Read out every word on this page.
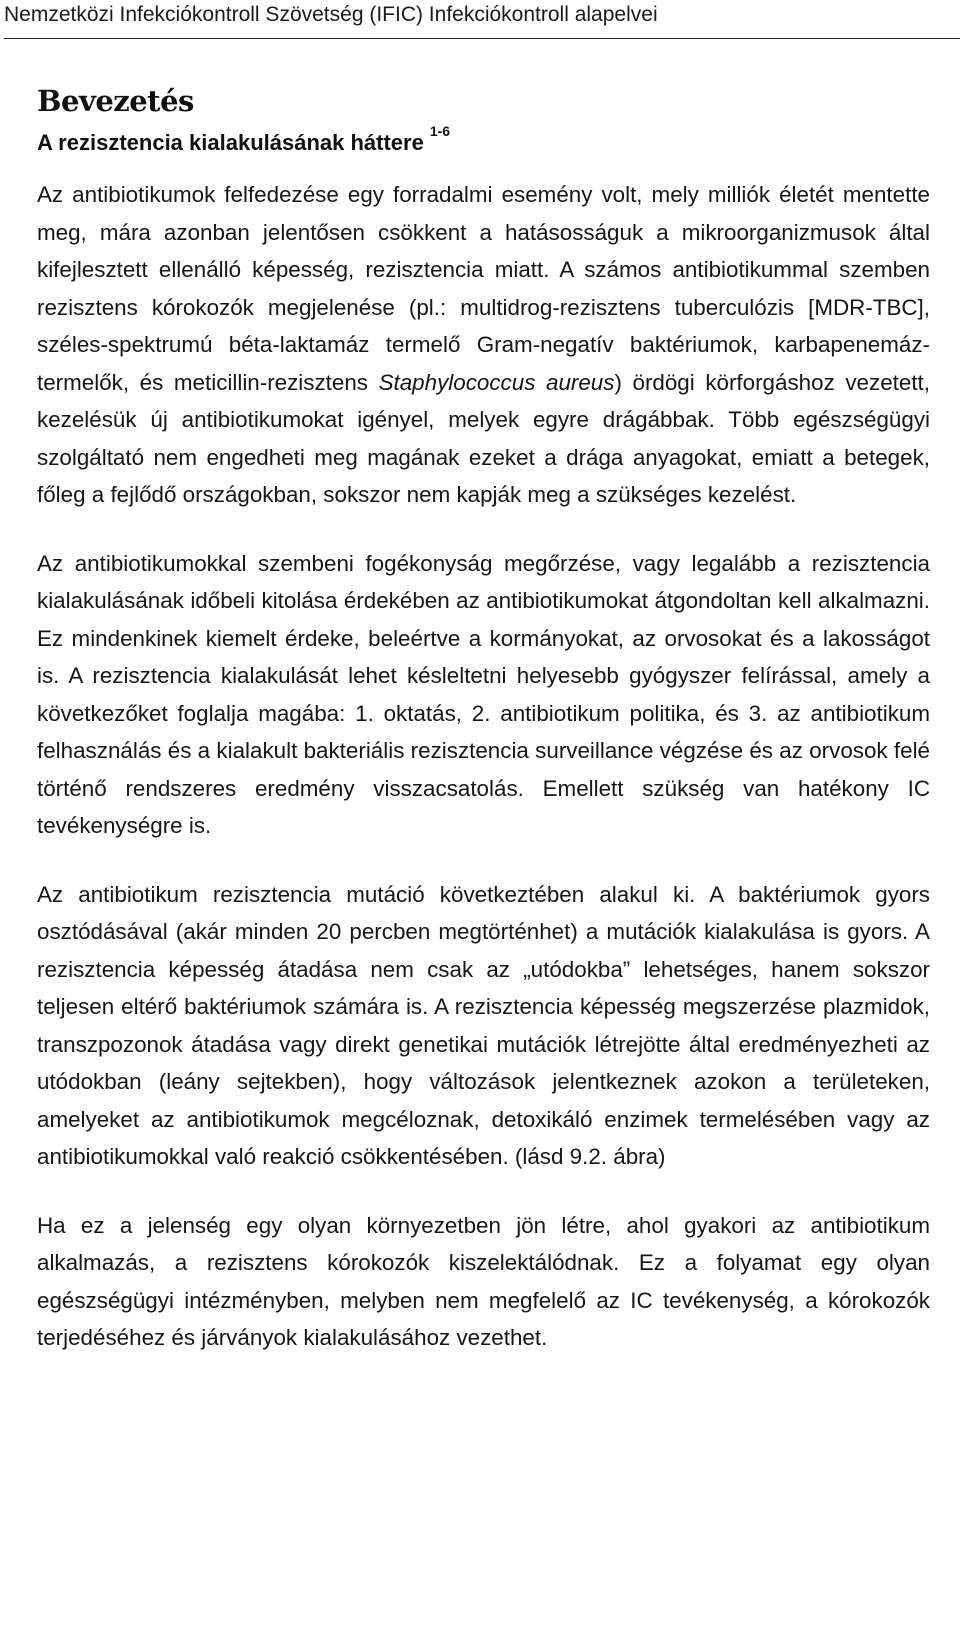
Nemzetközi Infekciókontroll Szövetség (IFIC) Infekciókontroll alapelvei
Bevezetés
A rezisztencia kialakulásának háttere $^{1-6}$

Az antibiotikumok felfedezése egy forradalmi esemény volt, mely milliók életét mentette meg, mára azonban jelentősen csökkent a hatásosságuk a mikroorganizmusok által kifejlesztett ellenálló képesség, rezisztencia miatt. A számos antibiotikummal szemben rezisztens kórokozók megjelenése (pl.: multidrog-rezisztens tuberculózis [MDR-TBC], széles-spektrumú béta-laktamáz termelő Gram-negatív baktériumok, karbapenemáz-termelők, és meticillin-rezisztens Staphylococcus aureus) ördögi körforgáshoz vezetett, kezelésük új antibiotikumokat igényel, melyek egyre drágábbak. Több egészségügyi szolgáltató nem engedheti meg magának ezeket a drága anyagokat, emiatt a betegek, főleg a fejlődő országokban, sokszor nem kapják meg a szükséges kezelést.

Az antibiotikumokkal szembeni fogékonyság megőrzése, vagy legalább a rezisztencia kialakulásának időbeli kitolása érdekében az antibiotikumokat átgondoltan kell alkalmazni. Ez mindenkinek kiemelt érdeke, beleértve a kormányokat, az orvosokat és a lakosságot is. A rezisztencia kialakulását lehet késleltetni helyesebb gyógyszer felírással, amely a következőket foglalja magába: 1. oktatás, 2. antibiotikum politika, és 3. az antibiotikum felhasználás és a kialakult bakteriális rezisztencia surveillance végzése és az orvosok felé történő rendszeres eredmény visszacsatolás. Emellett szükség van hatékony IC tevékenységre is.

Az antibiotikum rezisztencia mutáció következtében alakul ki. A baktériumok gyors osztódásával (akár minden 20 percben megtörténhet) a mutációk kialakulása is gyors. A rezisztencia képesség átadása nem csak az „utódokba” lehetséges, hanem sokszor teljesen eltérő baktériumok számára is. A rezisztencia képesség megszerzése plazmidok, transzpozonok átadása vagy direkt genetikai mutációk létrejötte által eredményezheti az utódokban (leány sejtekben), hogy változások jelentkeznek azokon a területeken, amelyeket az antibiotikumok megcéloznak, detoxikáló enzimek termelésében vagy az antibiotikumokkal való reakció csökkentésében. (lásd 9.2. ábra)

Ha ez a jelenség egy olyan környezetben jön létre, ahol gyakori az antibiotikum alkalmazás, a rezisztens kórokozók kiszelektálódnak. Ez a folyamat egy olyan egészségügyi intézményben, melyben nem megfelelő az IC tevékenység, a kórokozók terjedéséhez és járványok kialakulásához vezethet.
